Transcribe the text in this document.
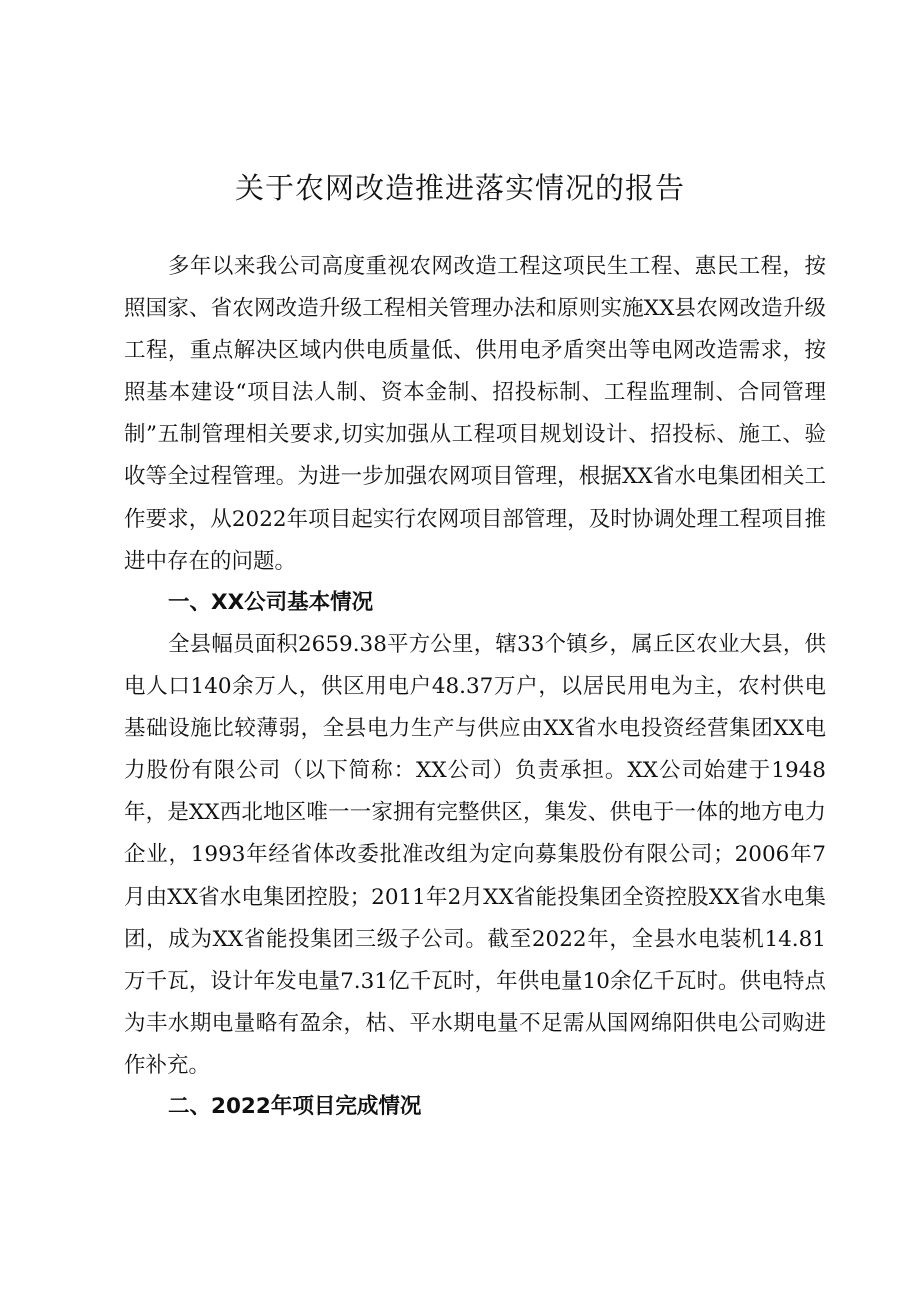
关于农网改造推进落实情况的报告

多年以来我公司高度重视农网改造工程这项民生工程、惠民工程，按照国家、省农网改造升级工程相关管理办法和原则实施XX县农网改造升级工程，重点解决区域内供电质量低、供用电矛盾突出等电网改造需求，按照基本建设“项目法人制、资本金制、招投标制、工程监理制、合同管理制”五制管理相关要求,切实加强从工程项目规划设计、招投标、施工、验收等全过程管理。为进一步加强农网项目管理，根据XX省水电集团相关工作要求，从2022年项目起实行农网项目部管理，及时协调处理工程项目推进中存在的问题。

一、XX公司基本情况

全县幅员面积2659.38平方公里，辖33个镇乡，属丘区农业大县，供电人口140余万人，供区用电户48.37万户，以居民用电为主，农村供电基础设施比较薄弱，全县电力生产与供应由XX省水电投资经营集团XX电力股份有限公司（以下简称：XX公司）负责承担。XX公司始建于1948年，是XX西北地区唯一一家拥有完整供区，集发、供电于一体的地方电力企业，1993年经省体改委批准改组为定向募集股份有限公司；2006年7月由XX省水电集团控股；2011年2月XX省能投集团全资控股XX省水电集团，成为XX省能投集团三级子公司。截至2022年，全县水电装机14.81万千瓦，设计年发电量7.31亿千瓦时，年供电量10余亿千瓦时。供电特点为丰水期电量略有盈余，枯、平水期电量不足需从国网绵阳供电公司购进作补充。

二、2022年项目完成情况
